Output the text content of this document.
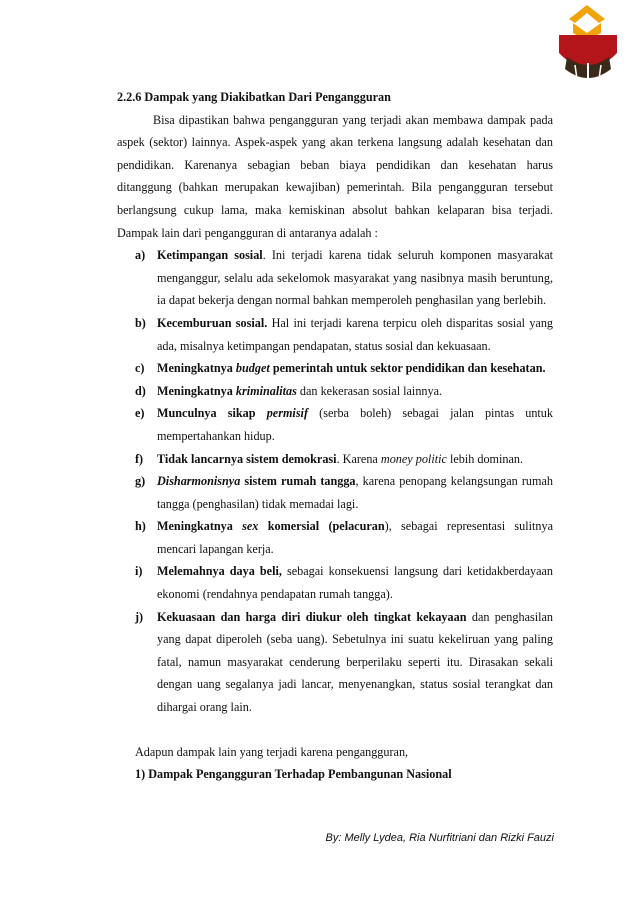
2.2.6 Dampak yang Diakibatkan Dari Pengangguran

Bisa dipastikan bahwa pengangguran yang terjadi akan membawa dampak pada aspek (sektor) lainnya. Aspek-aspek yang akan terkena langsung adalah kesehatan dan pendidikan. Karenanya sebagian beban biaya pendidikan dan kesehatan harus ditanggung (bahkan merupakan kewajiban) pemerintah. Bila pengangguran tersebut berlangsung cukup lama, maka kemiskinan absolut bahkan kelaparan bisa terjadi. Dampak lain dari pengangguran di antaranya adalah :

a) Ketimpangan sosial. Ini terjadi karena tidak seluruh komponen masyarakat menganggur, selalu ada sekelomok masyarakat yang nasibnya masih beruntung, ia dapat bekerja dengan normal bahkan memperoleh penghasilan yang berlebih.
b) Kecemburuan sosial. Hal ini terjadi karena terpicu oleh disparitas sosial yang ada, misalnya ketimpangan pendapatan, status sosial dan kekuasaan.
c) Meningkatnya budget pemerintah untuk sektor pendidikan dan kesehatan.
d) Meningkatnya kriminalitas dan kekerasan sosial lainnya.
e) Munculnya sikap permisif (serba boleh) sebagai jalan pintas untuk mempertahankan hidup.
f) Tidak lancarnya sistem demokrasi. Karena money politic lebih dominan.
g) Disharmonisnya sistem rumah tangga, karena penopang kelangsungan rumah tangga (penghasilan) tidak memadai lagi.
h) Meningkatnya sex komersial (pelacuran), sebagai representasi sulitnya mencari lapangan kerja.
i) Melemahnya daya beli, sebagai konsekuensi langsung dari ketidakberdayaan ekonomi (rendahnya pendapatan rumah tangga).
j) Kekuasaan dan harga diri diukur oleh tingkat kekayaan dan penghasilan yang dapat diperoleh (seba uang). Sebetulnya ini suatu kekeliruan yang paling fatal, namun masyarakat cenderung berperilaku seperti itu. Dirasakan sekali dengan uang segalanya jadi lancar, menyenangkan, status sosial terangkat dan dihargai orang lain.

Adapun dampak lain yang terjadi karena pengangguran,

1) Dampak Pengangguran Terhadap Pembangunan Nasional

By: Melly Lydea, Ria Nurfitriani dan Rizki Fauzi
